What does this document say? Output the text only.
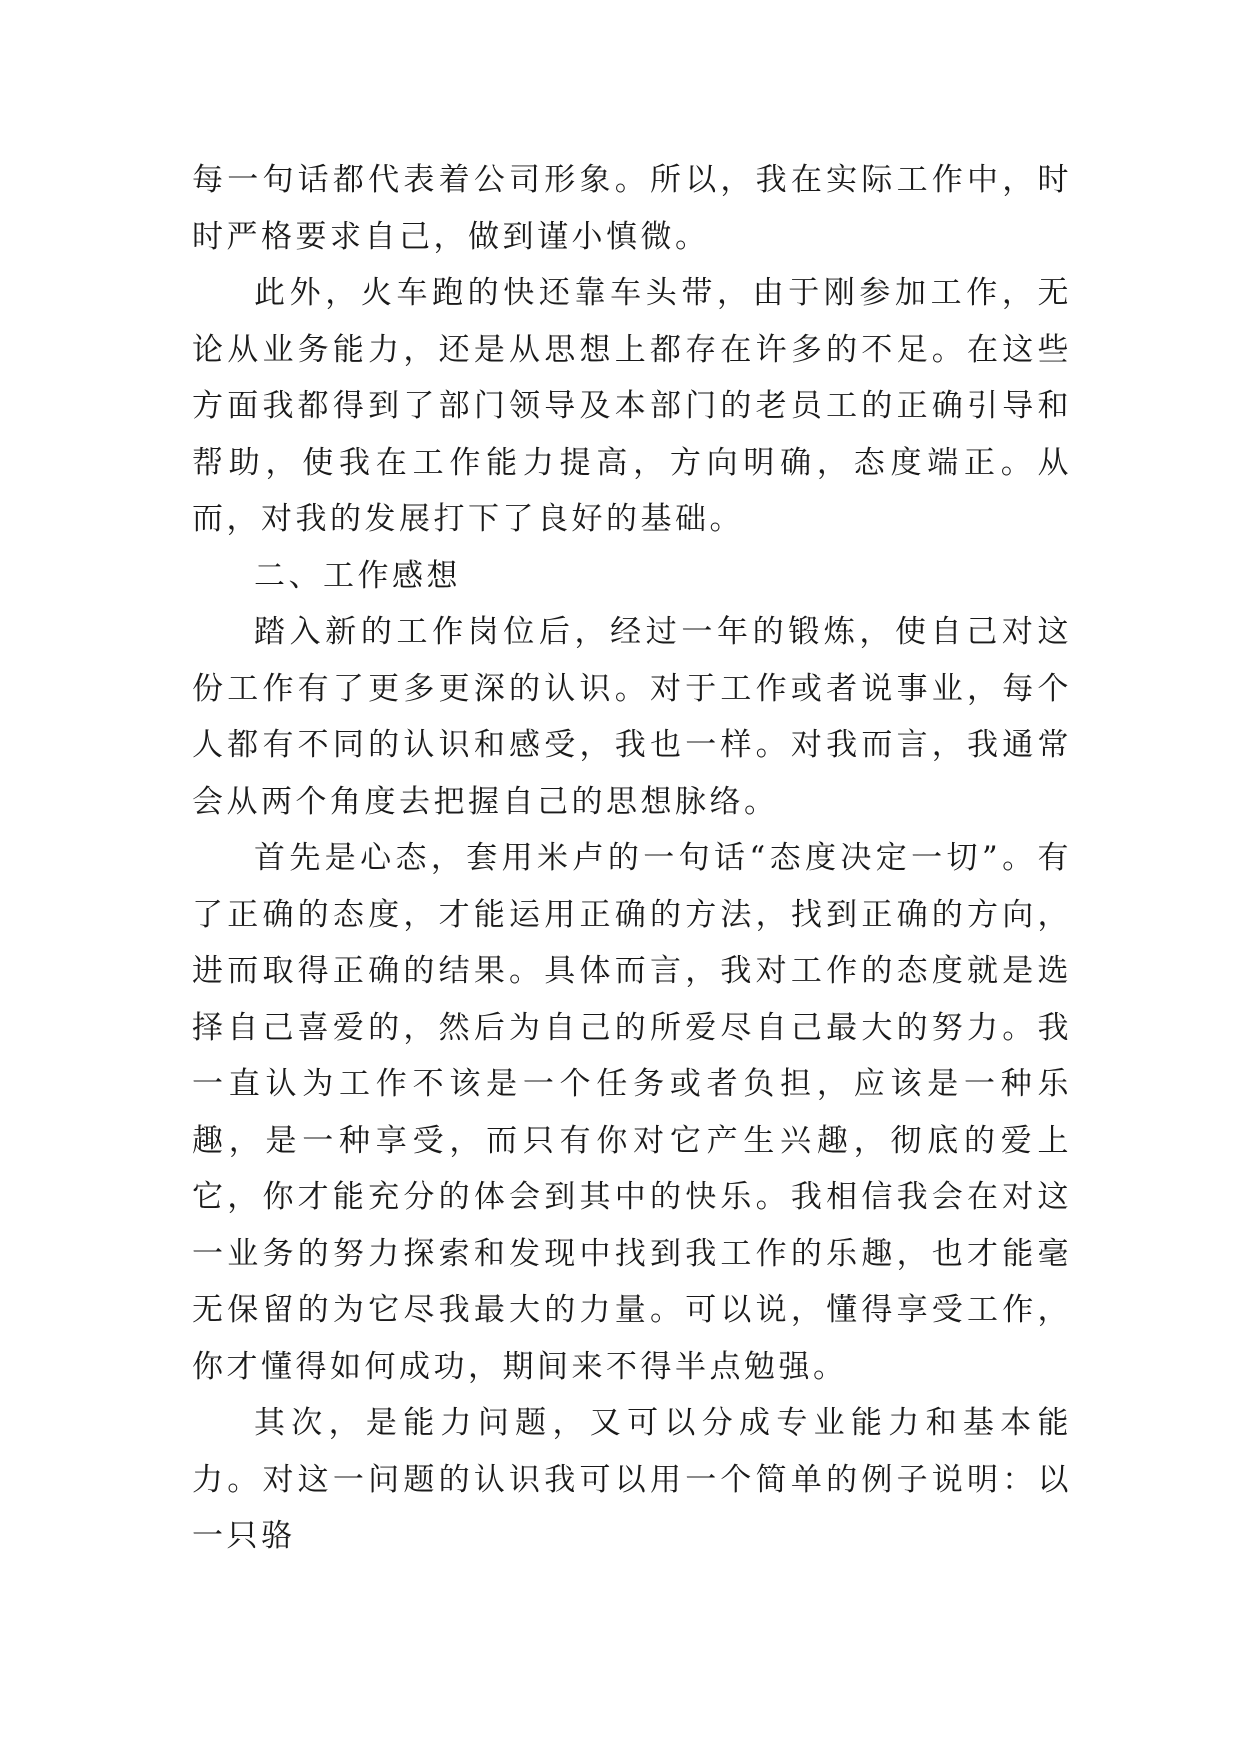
每一句话都代表着公司形象。所以，我在实际工作中，时时严格要求自己，做到谨小慎微。

此外，火车跑的快还靠车头带，由于刚参加工作，无论从业务能力，还是从思想上都存在许多的不足。在这些方面我都得到了部门领导及本部门的老员工的正确引导和帮助，使我在工作能力提高，方向明确，态度端正。从而，对我的发展打下了良好的基础。

二、工作感想

踏入新的工作岗位后，经过一年的锻炼，使自己对这份工作有了更多更深的认识。对于工作或者说事业，每个人都有不同的认识和感受，我也一样。对我而言，我通常会从两个角度去把握自己的思想脉络。

首先是心态，套用米卢的一句话“态度决定一切”。有了正确的态度，才能运用正确的方法，找到正确的方向，进而取得正确的结果。具体而言，我对工作的态度就是选择自己喜爱的，然后为自己的所爱尽自己最大的努力。我一直认为工作不该是一个任务或者负担，应该是一种乐趣，是一种享受，而只有你对它产生兴趣，彻底的爱上它，你才能充分的体会到其中的快乐。我相信我会在对这一业务的努力探索和发现中找到我工作的乐趣，也才能毫无保留的为它尽我最大的力量。可以说，懂得享受工作，你才懂得如何成功，期间来不得半点勉强。

其次，是能力问题，又可以分成专业能力和基本能力。对这一问题的认识我可以用一个简单的例子说明：以一只骆
